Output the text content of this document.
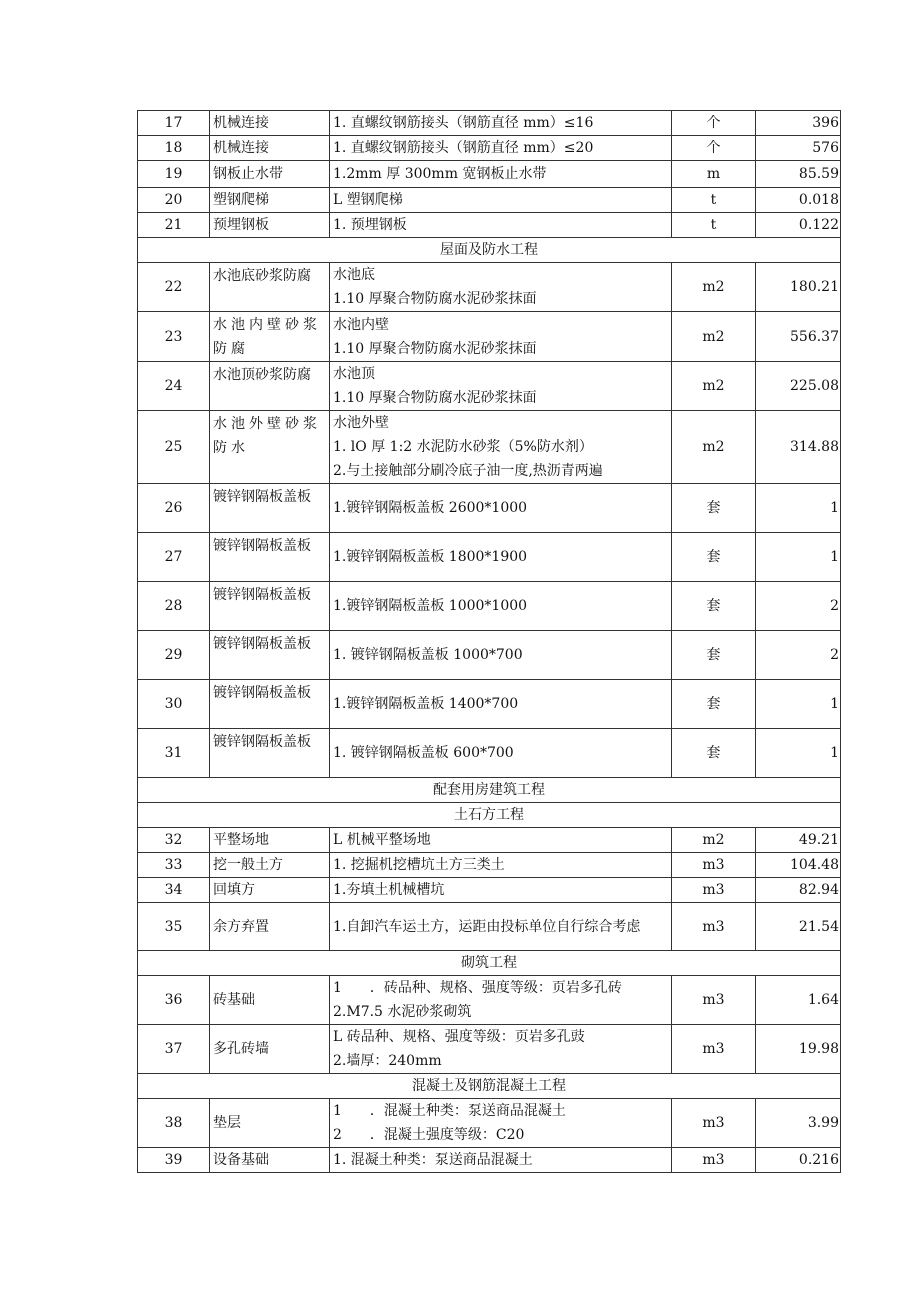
17	机械连接	1. 直螺纹钢筋接头（钢筋直径 mm）≤16	个	396
18	机械连接	1. 直螺纹钢筋接头（钢筋直径 mm）≤20	个	576
19	钢板止水带	1.2mm 厚 300mm 宽钢板止水带	m	85.59
20	塑钢爬梯	L 塑钢爬梯	t	0.018
21	预埋钢板	1. 预埋钢板	t	0.122
屋面及防水工程				
22	水池底砂浆防腐	水池底
1.10 厚聚合物防腐水泥砂浆抹面	m2	180.21
23	水池内壁砂浆防腐	水池内壁
1.10 厚聚合物防腐水泥砂浆抹面	m2	556.37
24	水池顶砂浆防腐	水池顶
1.10 厚聚合物防腐水泥砂浆抹面	m2	225.08
25	水池外壁砂浆防水	水池外壁
1. lO 厚 1:2 水泥防水砂浆（5%防水剂）
2.与土接触部分刷冷底子油一度,热沥青两遍	m2	314.88
26	镀锌钢隔板盖板	1.镀锌钢隔板盖板 2600*1000	套	1
27	镀锌钢隔板盖板	1.镀锌钢隔板盖板 1800*1900	套	1
28	镀锌钢隔板盖板	1.镀锌钢隔板盖板 1000*1000	套	2
29	镀锌钢隔板盖板	1. 镀锌钢隔板盖板 1000*700	套	2
30	镀锌钢隔板盖板	1.镀锌钢隔板盖板 1400*700	套	1
31	镀锌钢隔板盖板	1. 镀锌钢隔板盖板 600*700	套	1
配套用房建筑工程				
土石方工程				
32	平整场地	L 机械平整场地	m2	49.21
33	挖一般土方	1. 挖掘机挖槽坑土方三类土	m3	104.48
34	回填方	1.夯填土机械槽坑	m3	82.94
35	余方弃置	1.自卸汽车运土方，运距由投标单位自行综合考虑	m3	21.54
砌筑工程				
36	砖基础	1　　．砖品种、规格、强度等级：页岩多孔砖
2.M7.5 水泥砂浆砌筑	m3	1.64
37	多孔砖墙	L 砖品种、规格、强度等级：页岩多孔豉
2.墙厚：240mm	m3	19.98
混凝土及钢筋混凝土工程				
38	垫层	1　　．混凝土种类：泵送商品混凝土
2　　．混凝土强度等级：C20	m3	3.99
39	设备基础	1. 混凝土种类：泵送商品混凝土	m3	0.216
